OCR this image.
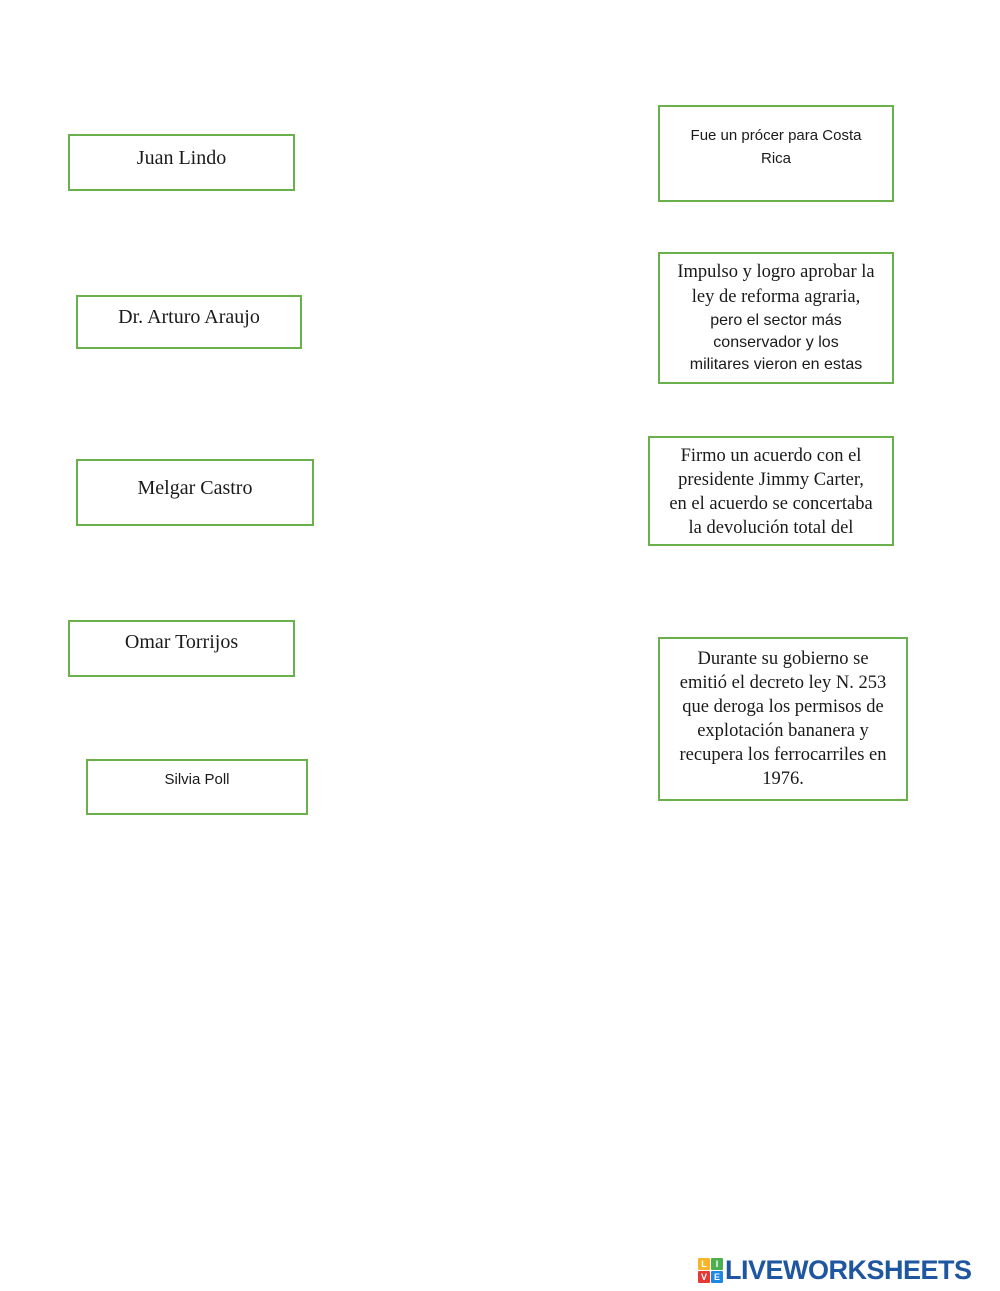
Juan Lindo
Dr. Arturo Araujo
Melgar Castro
Omar Torrijos
Silvia Poll
Fue un prócer para Costa
Rica
Impulso y logro aprobar la
ley de reforma agraria,
pero el sector más
conservador y los
militares vieron en estas
Firmo un acuerdo con el
presidente Jimmy Carter,
en el acuerdo se concertaba
la devolución total del
Durante su gobierno se
emitió el decreto ley N. 253
que deroga los permisos de
explotación bananera y
recupera los ferrocarriles en
1976.
L I
V E LIVEWORKSHEETS
